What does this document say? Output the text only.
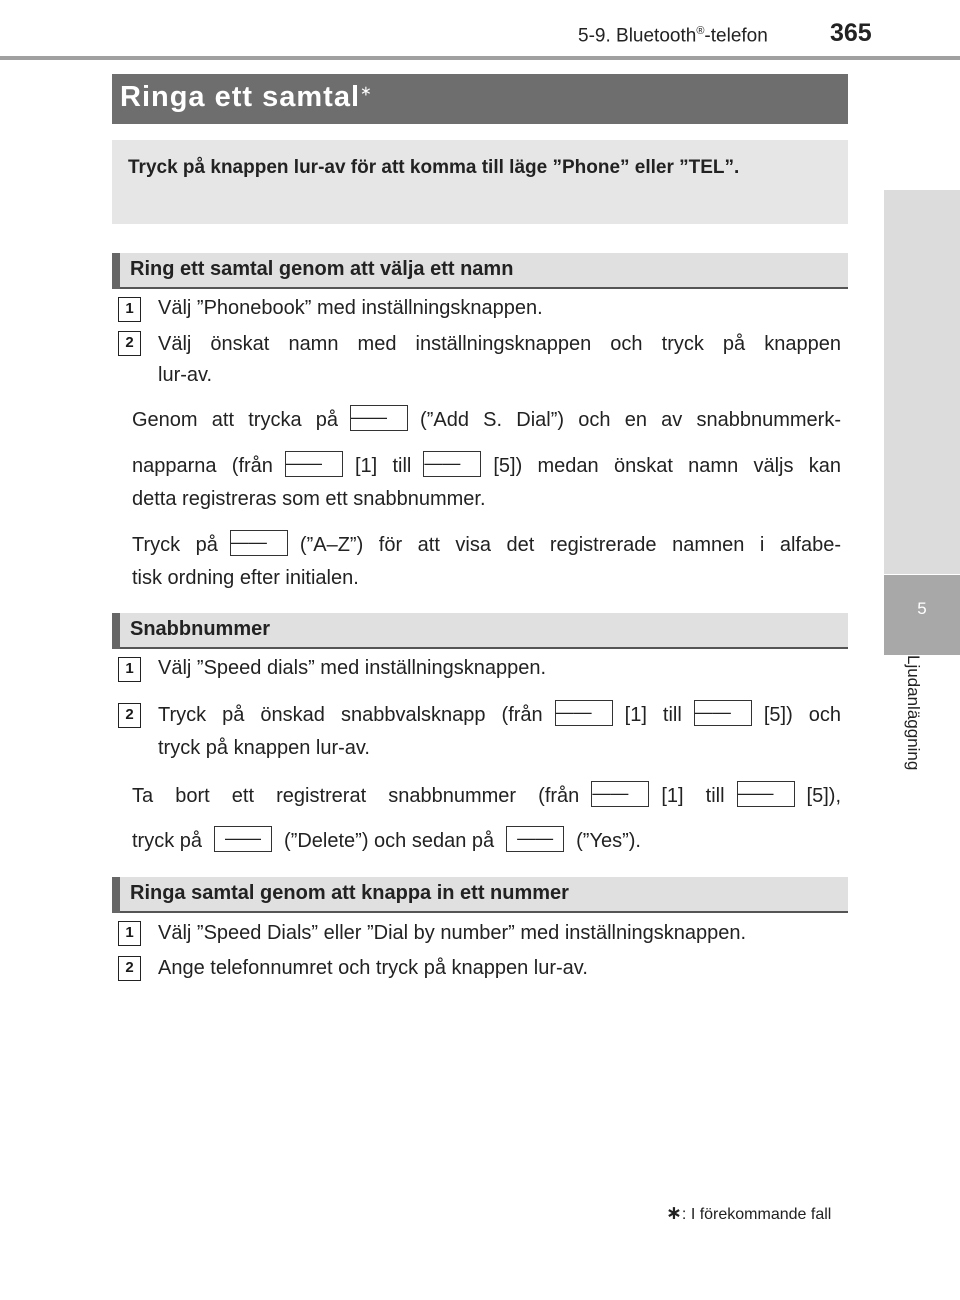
5-9. Bluetooth®-telefon 365
5
Ljudanläggning
Ringa ett samtal∗
Tryck på knappen lur-av för att komma till läge ”Phone” eller ”TEL”.
Ring ett samtal genom att välja ett namn
1	Välj ”Phonebook” med inställningsknappen.
2	Välj önskat namn med inställningsknappen och tryck på knappen
lur-av.
Genom att trycka på —— (”Add S. Dial”) och en av snabbnummerk-
napparna (från —— [1] till —— [5]) medan önskat namn väljs kan
detta registreras som ett snabbnummer.
Tryck på —— (”A–Z”) för att visa det registrerade namnen i alfabe-
tisk ordning efter initialen.
Snabbnummer
1	Välj ”Speed dials” med inställningsknappen.
2	Tryck på önskad snabbvalsknapp (från —— [1] till —— [5]) och
tryck på knappen lur-av.
Ta bort ett registrerat snabbnummer (från —— [1] till —— [5]),
tryck på —— (”Delete”) och sedan på —— (”Yes”).
Ringa samtal genom att knappa in ett nummer
1	Välj ”Speed Dials” eller ”Dial by number” med inställningsknappen.
2	Ange telefonnumret och tryck på knappen lur-av.
∗: I förekommande fall
